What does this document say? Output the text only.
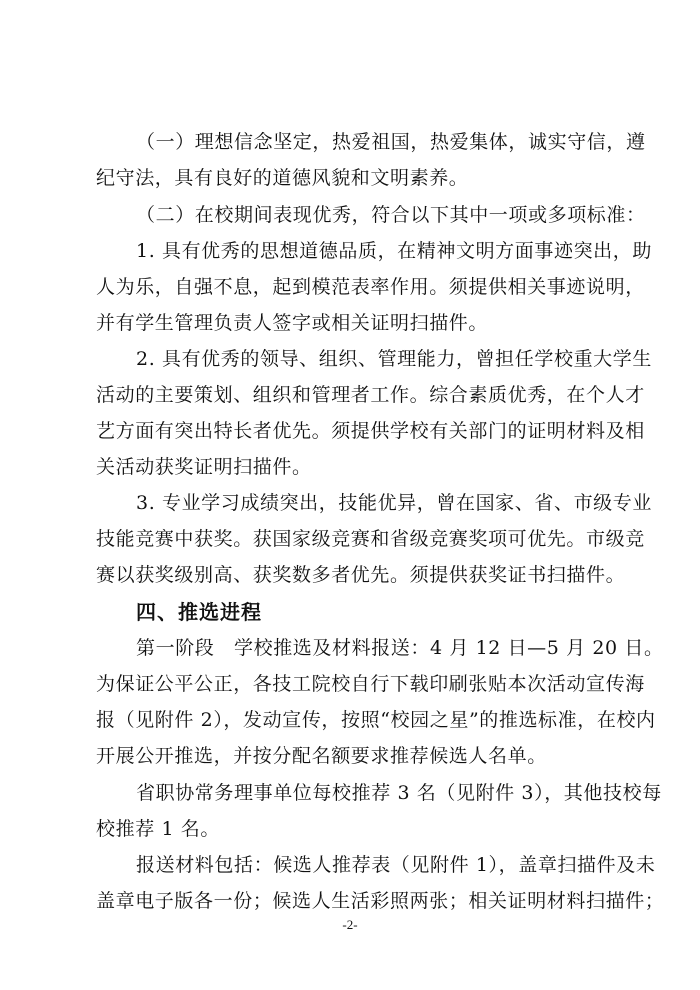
（一）理想信念坚定，热爱祖国，热爱集体，诚实守信，遵
纪守法，具有良好的道德风貌和文明素养。
（二）在校期间表现优秀，符合以下其中一项或多项标准：
1. 具有优秀的思想道德品质，在精神文明方面事迹突出，助
人为乐，自强不息，起到模范表率作用。须提供相关事迹说明，
并有学生管理负责人签字或相关证明扫描件。
2. 具有优秀的领导、组织、管理能力，曾担任学校重大学生
活动的主要策划、组织和管理者工作。综合素质优秀，在个人才
艺方面有突出特长者优先。须提供学校有关部门的证明材料及相
关活动获奖证明扫描件。
3. 专业学习成绩突出，技能优异，曾在国家、省、市级专业
技能竞赛中获奖。获国家级竞赛和省级竞赛奖项可优先。市级竞
赛以获奖级别高、获奖数多者优先。须提供获奖证书扫描件。
四、推选进程
第一阶段　学校推选及材料报送：4 月 12 日—5 月 20 日。
为保证公平公正，各技工院校自行下载印刷张贴本次活动宣传海
报（见附件 2），发动宣传，按照“校园之星”的推选标准，在校内
开展公开推选，并按分配名额要求推荐候选人名单。
省职协常务理事单位每校推荐 3 名（见附件 3），其他技校每
校推荐 1 名。
报送材料包括：候选人推荐表（见附件 1），盖章扫描件及未
盖章电子版各一份；候选人生活彩照两张；相关证明材料扫描件；
-2-
